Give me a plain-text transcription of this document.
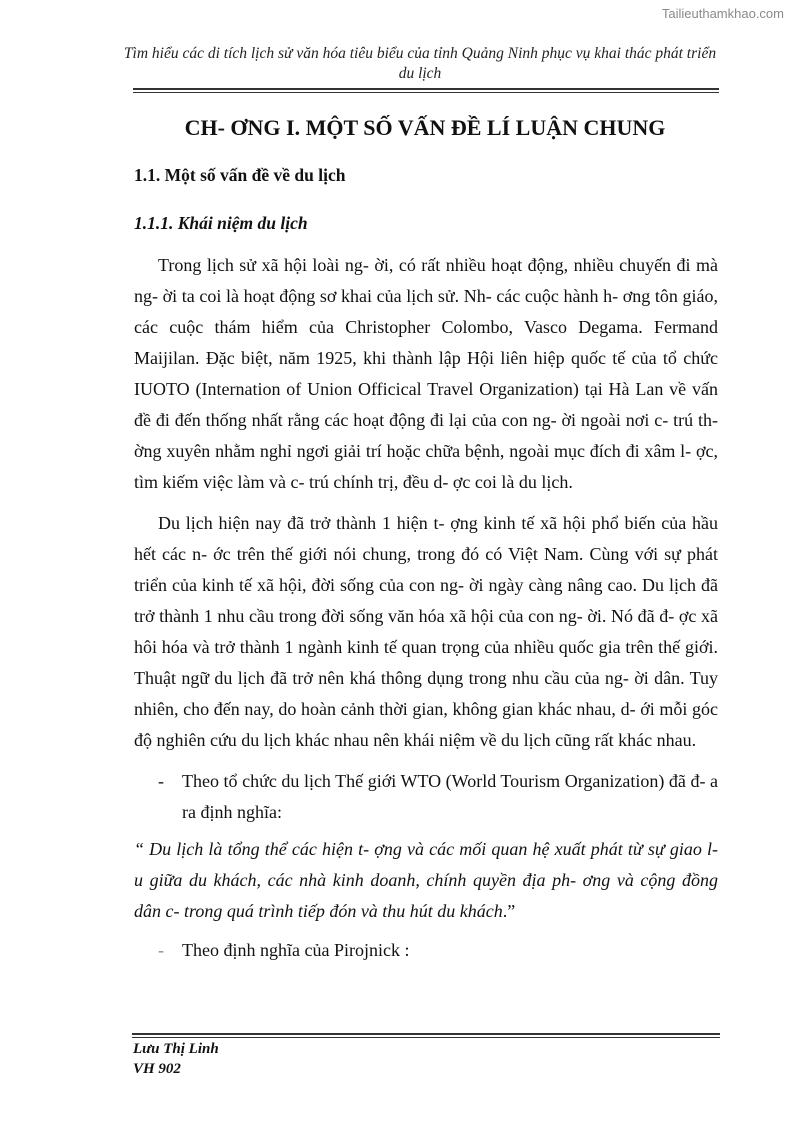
Tailieuthamkhao.com
Tìm hiểu các di tích lịch sử văn hóa tiêu biểu của tỉnh Quảng Ninh phục vụ khai thác phát triển du lịch
CH- ƠNG I. MỘT SỐ VẤN ĐỀ LÍ LUẬN CHUNG
1.1. Một số vấn đề về du lịch
1.1.1. Khái niệm du lịch

Trong lịch sử xã hội loài ng- ời, có rất nhiều hoạt động, nhiều chuyến đi mà ng- ời ta coi là hoạt động sơ khai của lịch sử. Nh- các cuộc hành h- ơng tôn giáo, các cuộc thám hiểm của Christopher Colombo, Vasco Degama. Fermand Maijilan. Đặc biệt, năm 1925, khi thành lập Hội liên hiệp quốc tế của tổ chức IUOTO (Internation of Union Officical Travel Organization) tại Hà Lan về vấn đề đi đến thống nhất rằng các hoạt động đi lại của con ng- ời ngoài nơi c- trú th- ờng xuyên nhằm nghỉ ngơi giải trí hoặc chữa bệnh, ngoài mục đích đi xâm l- ợc, tìm kiếm việc làm và c- trú chính trị, đều d- ợc coi là du lịch.

Du lịch hiện nay đã trở thành 1 hiện t- ợng kinh tế xã hội phổ biến của hầu hết các n- ớc trên thế giới nói chung, trong đó có Việt Nam. Cùng với sự phát triển của kinh tế xã hội, đời sống của con ng- ời ngày càng nâng cao. Du lịch đã trở thành 1 nhu cầu trong đời sống văn hóa xã hội của con ng- ời. Nó đã đ- ợc xã hôi hóa và trở thành 1 ngành kinh tế quan trọng của nhiều quốc gia trên thế giới. Thuật ngữ du lịch đã trở nên khá thông dụng trong nhu cầu của ng- ời dân. Tuy nhiên, cho đến nay, do hoàn cảnh thời gian, không gian khác nhau, d- ới mỗi góc độ nghiên cứu du lịch khác nhau nên khái niệm về du lịch cũng rất khác nhau.

-	Theo tổ chức du lịch Thế giới WTO (World Tourism Organization) đã đ- a ra định nghĩa:

“ Du lịch là tổng thể các hiện t- ợng và các mối quan hệ xuất phát từ sự giao l- u giữa du khách, các nhà kinh doanh, chính quyền địa ph- ơng và cộng đồng dân c- trong quá trình tiếp đón và thu hút du khách.”

-	Theo định nghĩa của Pirojnick :
Lưu Thị Linh
VH 902
